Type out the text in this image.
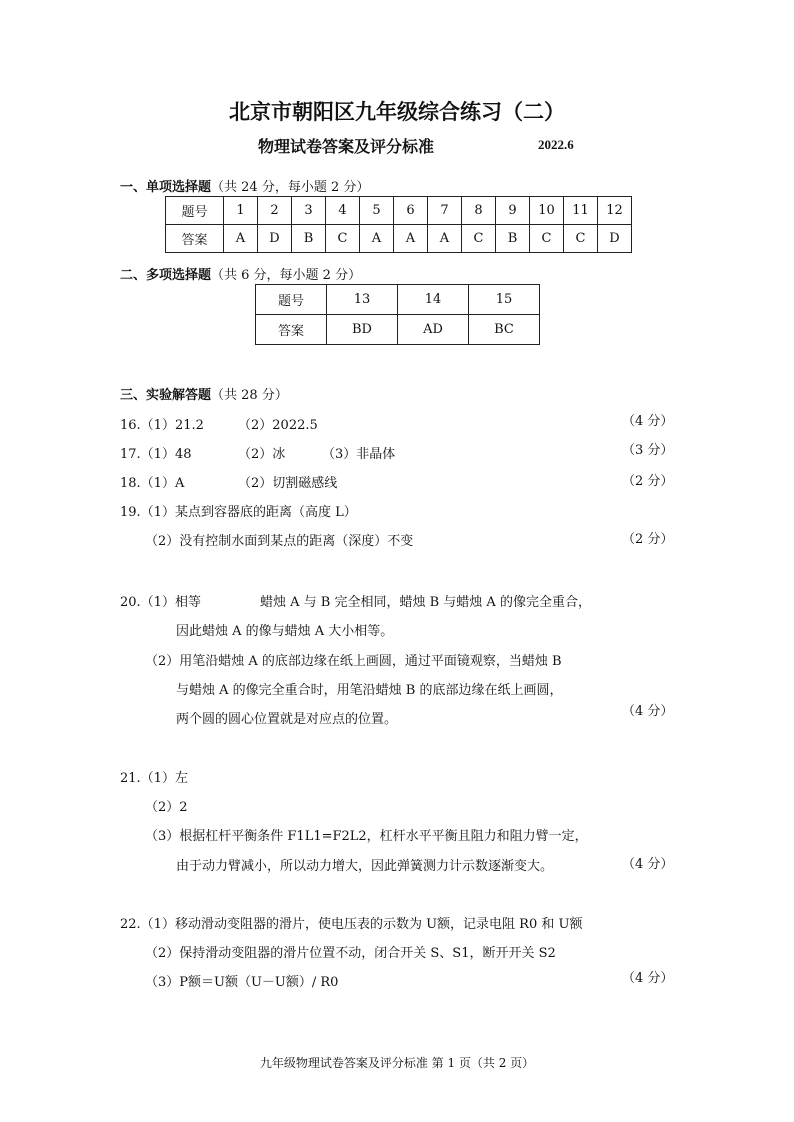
北京市朝阳区九年级综合练习（二）
物理试卷答案及评分标准	2022.6
一、单项选择题（共 24 分，每小题 2 分）
题号	1	2	3	4	5	6	7	8	9	10	11	12
答案	A	D	B	C	A	A	A	C	B	C	C	D
二、多项选择题（共 6 分，每小题 2 分）
题号	13	14	15
答案	BD	AD	BC
三、实验解答题（共 28 分）
16.（1）21.2	（2）2022.5	（4 分）
17.（1）48	（2）冰	（3）非晶体	（3 分）
18.（1）A	（2）切割磁感线	（2 分）
19.（1）某点到容器底的距离（高度 L）
（2）没有控制水面到某点的距离（深度）不变	（2 分）
20.（1）相等	蜡烛 A 与 B 完全相同，蜡烛 B 与蜡烛 A 的像完全重合，
因此蜡烛 A 的像与蜡烛 A 大小相等。
（2）用笔沿蜡烛 A 的底部边缘在纸上画圆，通过平面镜观察，当蜡烛 B
与蜡烛 A 的像完全重合时，用笔沿蜡烛 B 的底部边缘在纸上画圆，
两个圆的圆心位置就是对应点的位置。
（4 分）
21.（1）左
（2）2
（3）根据杠杆平衡条件 F1L1=F2L2，杠杆水平平衡且阻力和阻力臂一定，
由于动力臂减小，所以动力增大，因此弹簧测力计示数逐渐变大。	（4 分）
22.（1）移动滑动变阻器的滑片，使电压表的示数为 U额，记录电阻 R0 和 U额
（2）保持滑动变阻器的滑片位置不动，闭合开关 S、S1，断开开关 S2
（3）P额＝U额（U－U额）/ R0	（4 分）
九年级物理试卷答案及评分标准 第 1 页（共 2 页）
